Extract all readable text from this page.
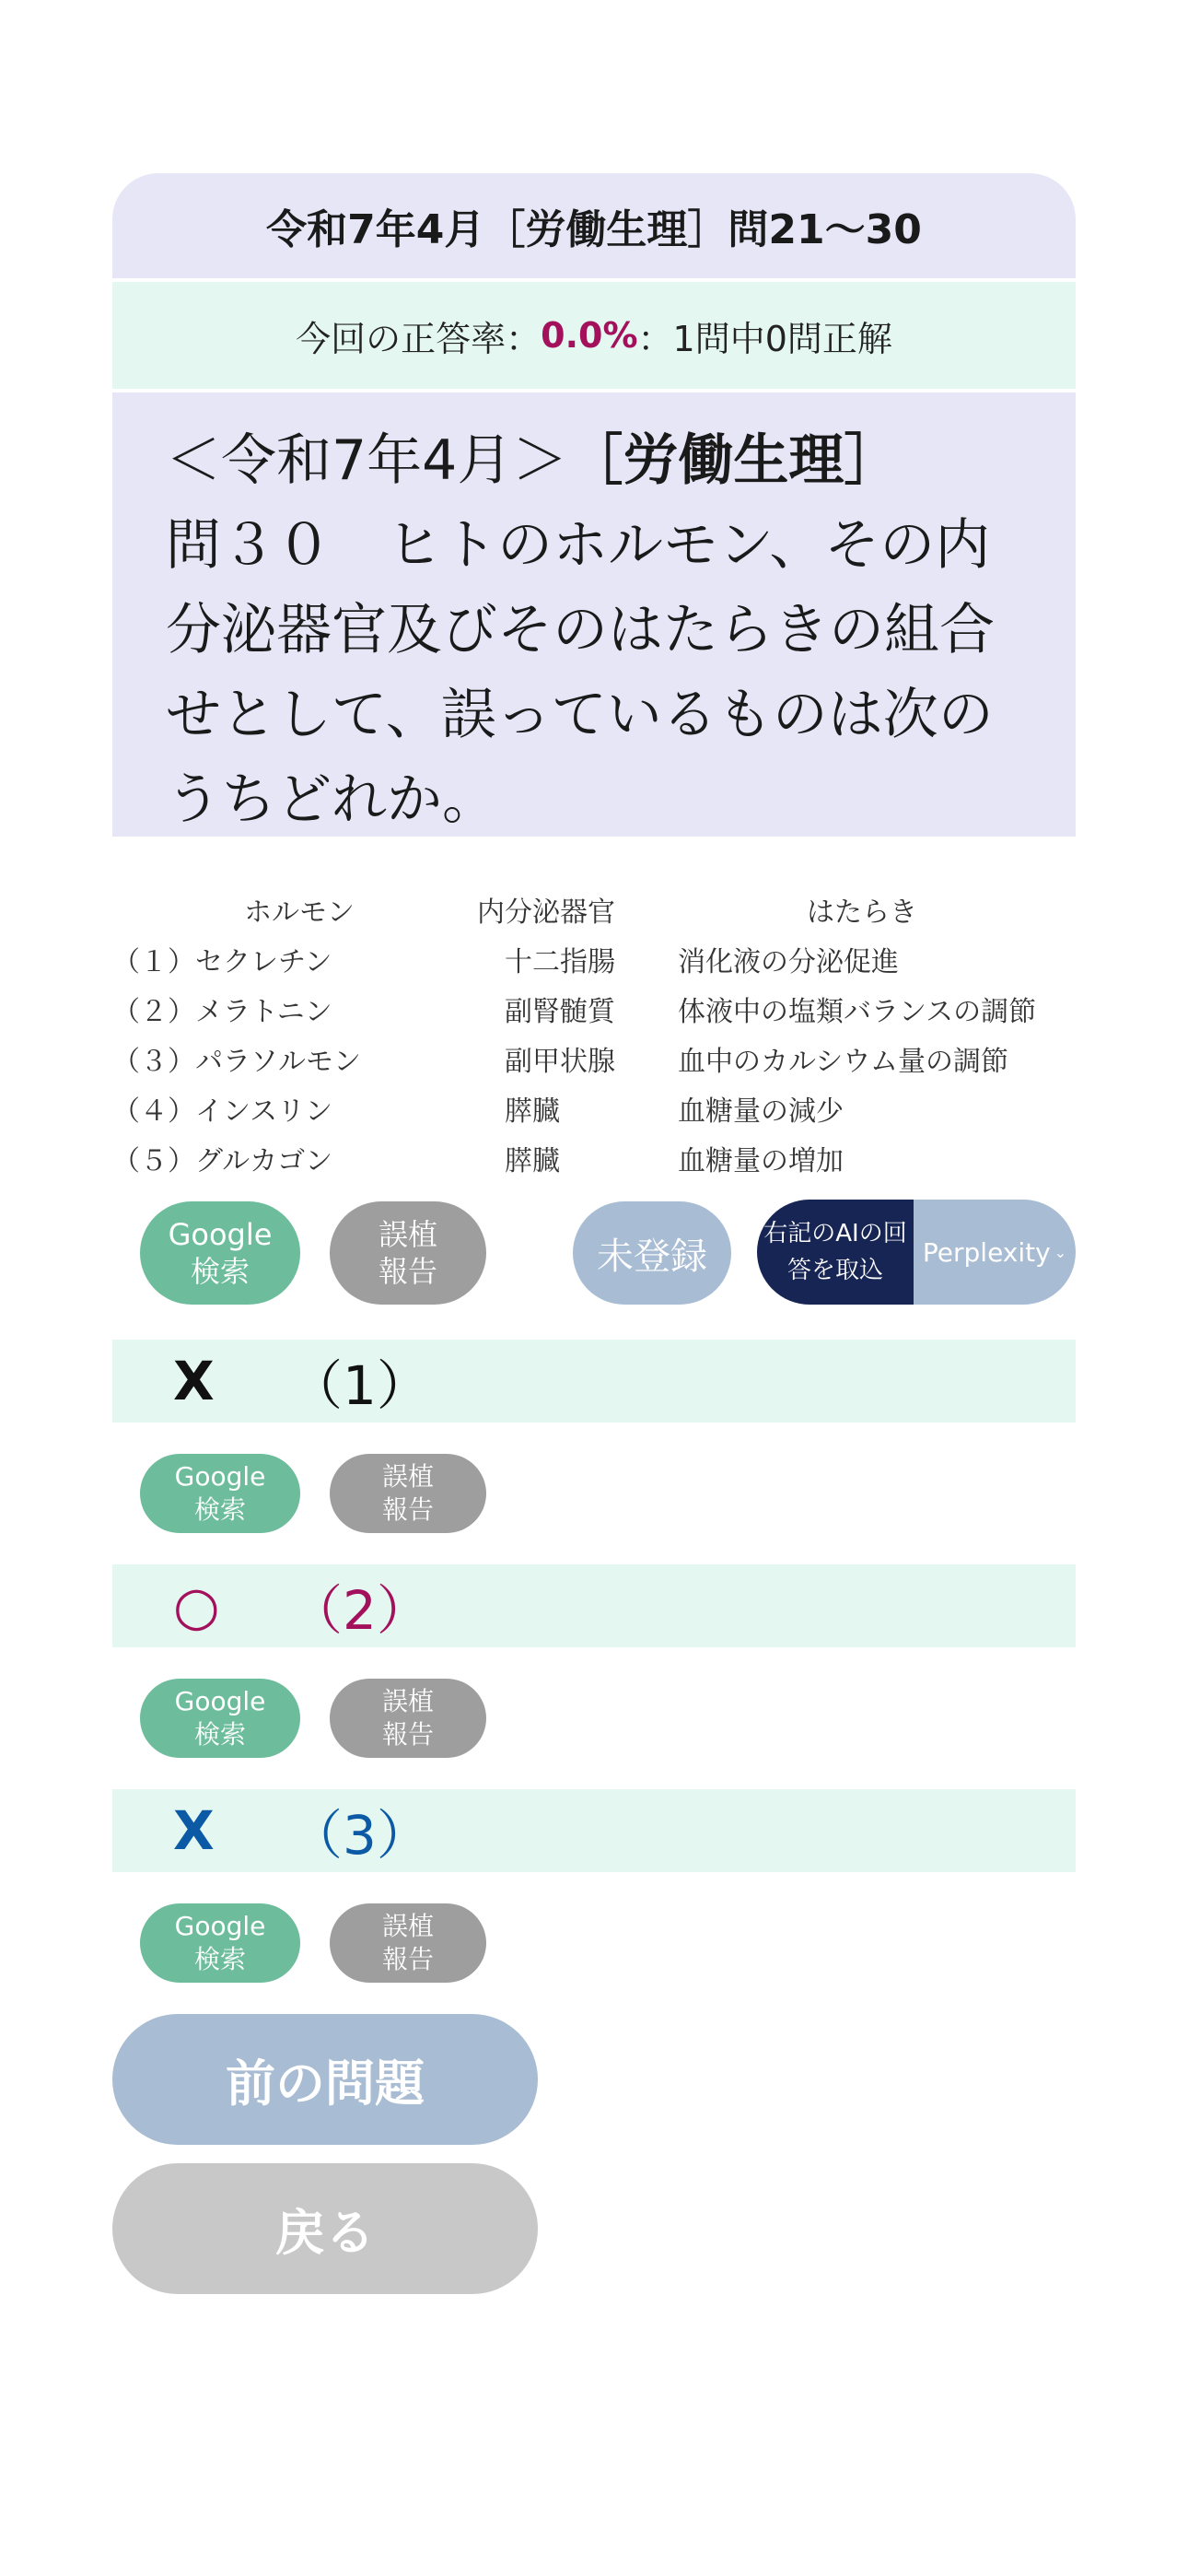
令和7年4月［労働生理］問21～30
今回の正答率： 0.0% ：1問中0問正解
＜令和7年4月＞［労働生理］
問３０　ヒトのホルモン、その内分泌器官及びそのはたらきの組合せとして、誤っているものは次のうちどれか。
	ホルモン	内分泌器官	はたらき
（１）	セクレチン	十二指腸	消化液の分泌促進
（２）	メラトニン	副腎髄質	体液中の塩類バランスの調節
（３）	パラソルモン	副甲状腺	血中のカルシウム量の調節
（４）	インスリン	膵臓	血糖量の減少
（５）	グルカゴン	膵臓	血糖量の増加
Google
検索
誤植
報告	未登録
右記のAIの回答を取込
Perplexity ⌄
X	（1）
Google
検索
誤植
報告
○	（2）
Google
検索
誤植
報告
X	（3）
Google
検索
誤植
報告
前の問題
戻る
